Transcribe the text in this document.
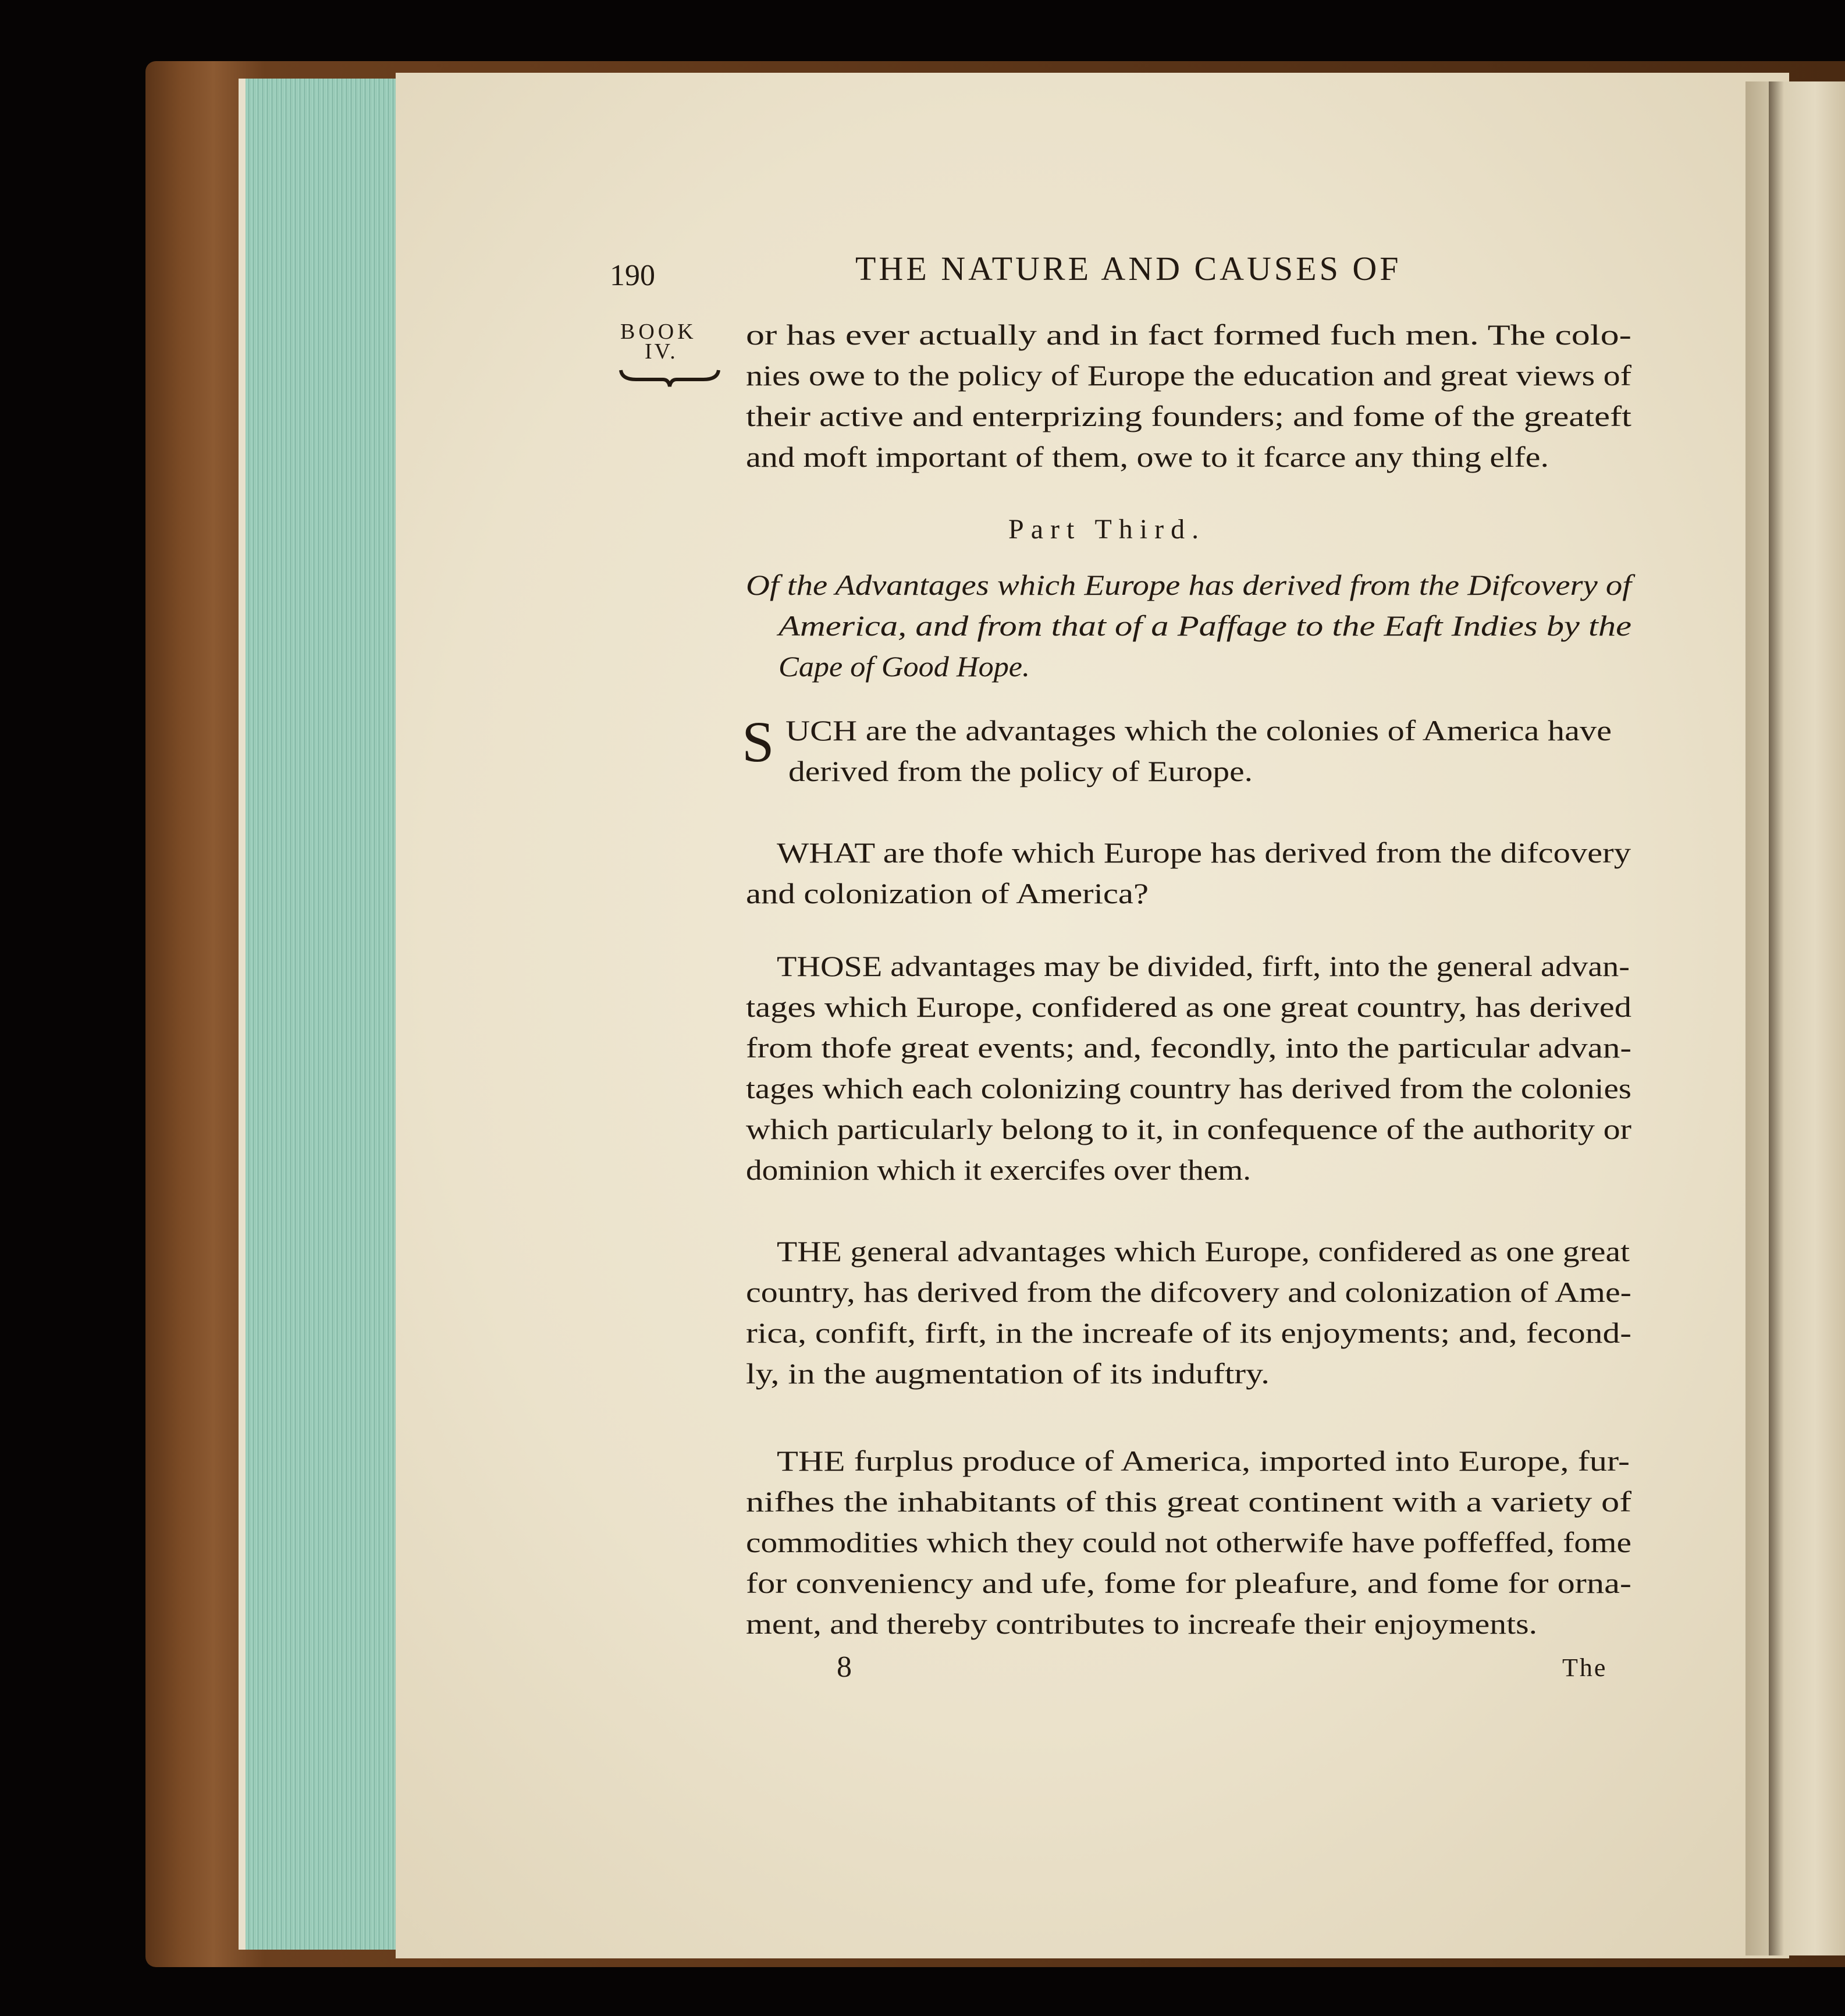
190	THE NATURE AND CAUSES OF
BOOK
IV.
Part Third.
S
or has ever actually and in fact formed fuch men. The colo-
nies owe to the policy of Europe the education and great views of
their active and enterprizing founders; and fome of the greateft
and moft important of them, owe to it fcarce any thing elfe.
Of the Advantages which Europe has derived from the Difcovery of
America, and from that of a Paffage to the Eaft Indies by the
Cape of Good Hope.
UCH are the advantages which the colonies of America have
derived from the policy of Europe.
WHAT are thofe which Europe has derived from the difcovery
and colonization of America?
THOSE advantages may be divided, firft, into the general advan-
tages which Europe, confidered as one great country, has derived
from thofe great events; and, fecondly, into the particular advan-
tages which each colonizing country has derived from the colonies
which particularly belong to it, in confequence of the authority or
dominion which it exercifes over them.
THE general advantages which Europe, confidered as one great
country, has derived from the difcovery and colonization of Ame-
rica, confift, firft, in the increafe of its enjoyments; and, fecond-
ly, in the augmentation of its induftry.
THE furplus produce of America, imported into Europe, fur-
nifhes the inhabitants of this great continent with a variety of
commodities which they could not otherwife have poffeffed, fome
for conveniency and ufe, fome for pleafure, and fome for orna-
ment, and thereby contributes to increafe their enjoyments.
8	The
